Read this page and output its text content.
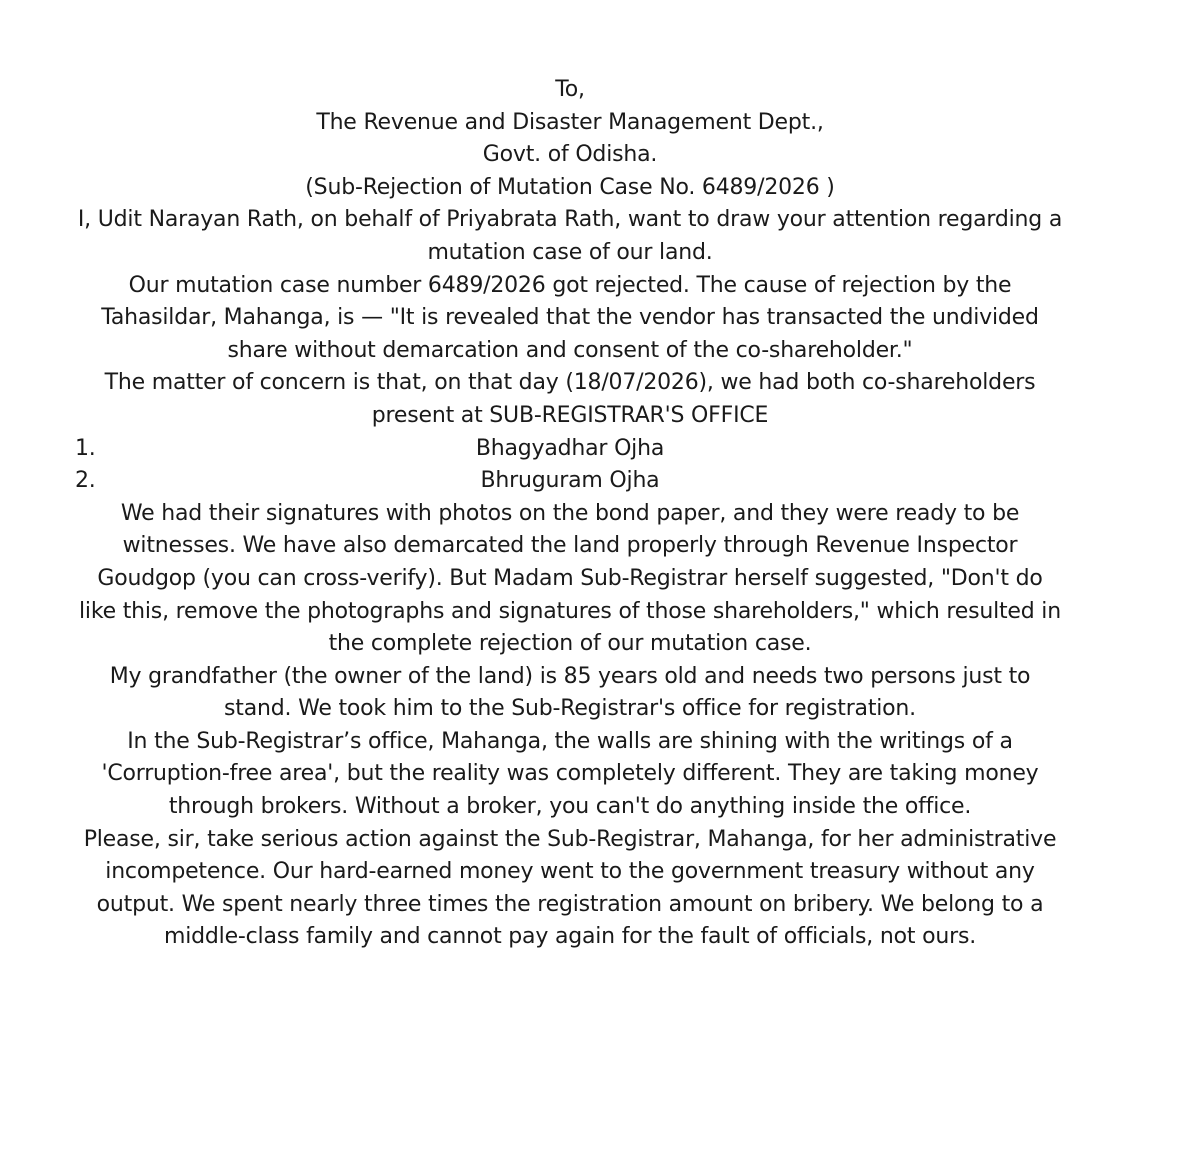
To,
The Revenue and Disaster Management Dept.,
Govt. of Odisha.
(Sub-Rejection of Mutation Case No. 6489/2026 )
I, Udit Narayan Rath, on behalf of Priyabrata Rath, want to draw your attention regarding a
mutation case of our land.
Our mutation case number 6489/2026 got rejected. The cause of rejection by the
Tahasildar, Mahanga, is — "It is revealed that the vendor has transacted the undivided
share without demarcation and consent of the co-shareholder."
The matter of concern is that, on that day (18/07/2026), we had both co-shareholders
present at SUB-REGISTRAR'S OFFICE
1.	Bhagyadhar Ojha
2.	Bhruguram Ojha
We had their signatures with photos on the bond paper, and they were ready to be
witnesses. We have also demarcated the land properly through Revenue Inspector
Goudgop (you can cross-verify). But Madam Sub-Registrar herself suggested, "Don't do
like this, remove the photographs and signatures of those shareholders," which resulted in
the complete rejection of our mutation case.
My grandfather (the owner of the land) is 85 years old and needs two persons just to
stand. We took him to the Sub-Registrar's office for registration.
In the Sub-Registrar’s office, Mahanga, the walls are shining with the writings of a
'Corruption-free area', but the reality was completely different. They are taking money
through brokers. Without a broker, you can't do anything inside the office.
Please, sir, take serious action against the Sub-Registrar, Mahanga, for her administrative
incompetence. Our hard-earned money went to the government treasury without any
output. We spent nearly three times the registration amount on bribery. We belong to a
middle-class family and cannot pay again for the fault of officials, not ours.
